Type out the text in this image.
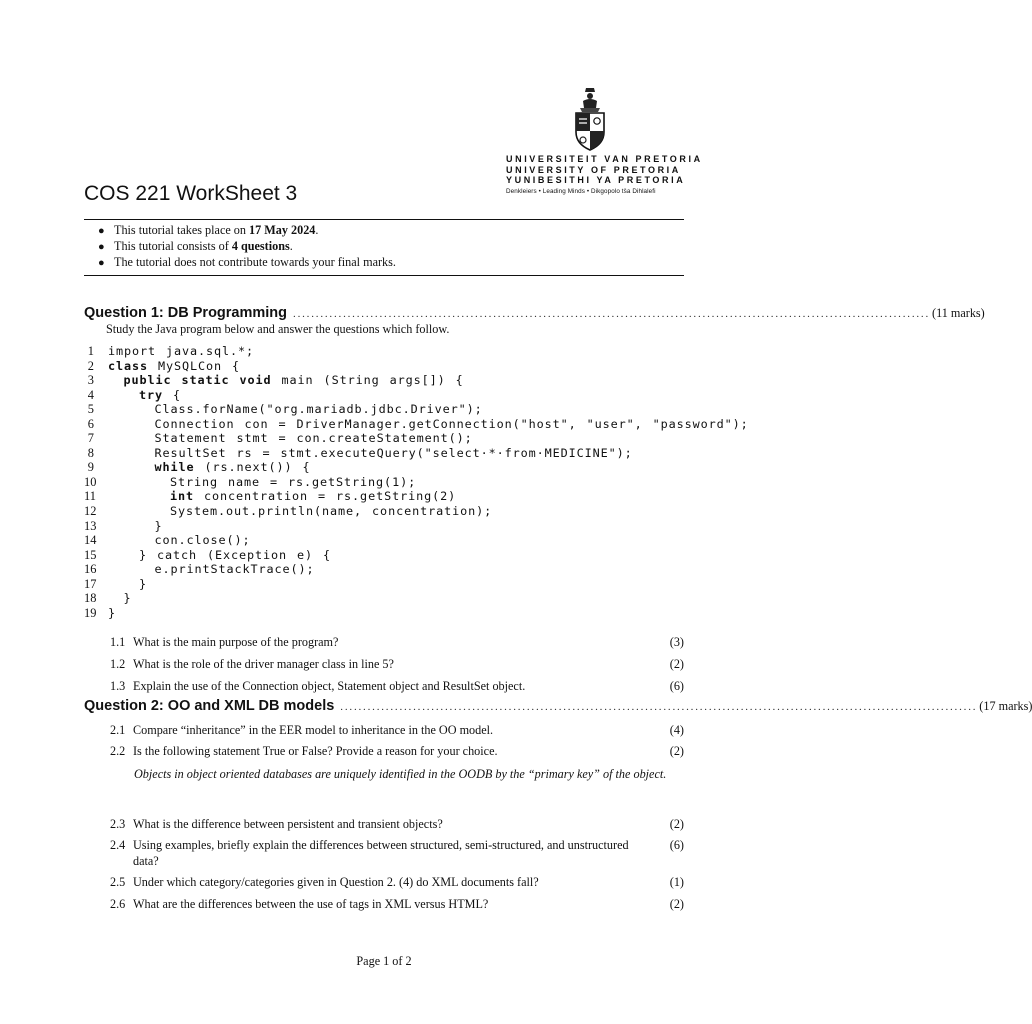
UNIVERSITEIT VAN PRETORIA
UNIVERSITY OF PRETORIA
YUNIBESITHI YA PRETORIA
Denkleiers • Leading Minds • Dikgopolo tša Dihlalefi
COS 221 WorkSheet 3
● This tutorial takes place on 17 May 2024.
● This tutorial consists of 4 questions.
● The tutorial does not contribute towards your final marks.
Question 1: DB Programming ............................................................................................................................................ (11 marks)
Study the Java program below and answer the questions which follow.
1	import java.sql.*;
2	class MySQLCon {
3	public static void main (String args[]) {
4	try {
5	Class.forName("org.mariadb.jdbc.Driver");
6	Connection con = DriverManager.getConnection("host", "user", "password");
7	Statement stmt = con.createStatement();
8	ResultSet rs = stmt.executeQuery("select·*·from·MEDICINE");
9	while (rs.next()) {
10	String name = rs.getString(1);
11	int concentration = rs.getString(2)
12	System.out.println(name, concentration);
13	}
14	con.close();
15	} catch (Exception e) {
16	e.printStackTrace();
17	}
18	}
19 }
1.1 What is the main purpose of the program?	(3)
1.2 What is the role of the driver manager class in line 5?	(2)
1.3 Explain the use of the Connection object, Statement object and ResultSet object.	(6)
Question 2: OO and XML DB models ............................................................................................................................................ (17 marks)
2.1 Compare “inheritance” in the EER model to inheritance in the OO model.	(4)
2.2 Is the following statement True or False? Provide a reason for your choice.	(2)
Objects in object oriented databases are uniquely identified in the OODB by the “primary key” of the object.
2.3 What is the difference between persistent and transient objects?	(2)
2.4 Using examples, briefly explain the differences between structured, semi-structured, and unstructured data?
(6)
2.5 Under which category/categories given in Question 2. (4) do XML documents fall?	(1)
2.6 What are the differences between the use of tags in XML versus HTML?	(2)
Page 1 of 2
